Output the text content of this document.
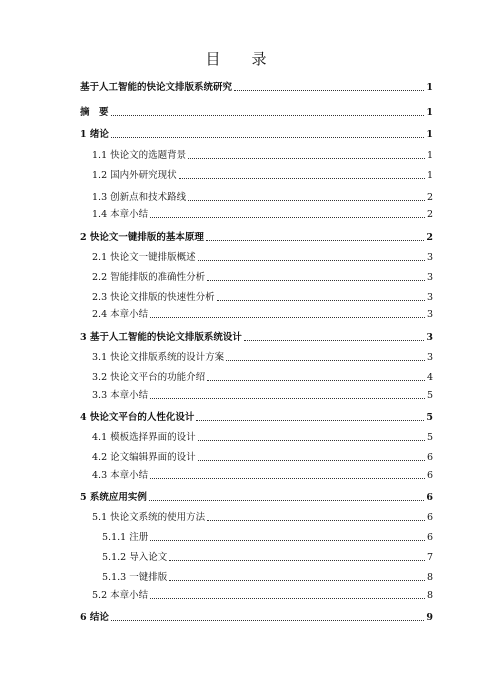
目　录
基于人工智能的快论文排版系统研究	1
摘　要	1
1 绪论	1
1.1 快论文的选题背景	1
1.2 国内外研究现状	1
1.3 创新点和技术路线	2
1.4 本章小结	2
2 快论文一键排版的基本原理	2
2.1 快论文一键排版概述	3
2.2 智能排版的准确性分析	3
2.3 快论文排版的快速性分析	3
2.4 本章小结	3
3 基于人工智能的快论文排版系统设计	3
3.1 快论文排版系统的设计方案	3
3.2 快论文平台的功能介绍	4
3.3 本章小结	5
4 快论文平台的人性化设计	5
4.1 模板选择界面的设计	5
4.2 论文编辑界面的设计	6
4.3 本章小结	6
5 系统应用实例	6
5.1 快论文系统的使用方法	6
5.1.1 注册	6
5.1.2 导入论文	7
5.1.3 一键排版	8
5.2 本章小结	8
6 结论	9
